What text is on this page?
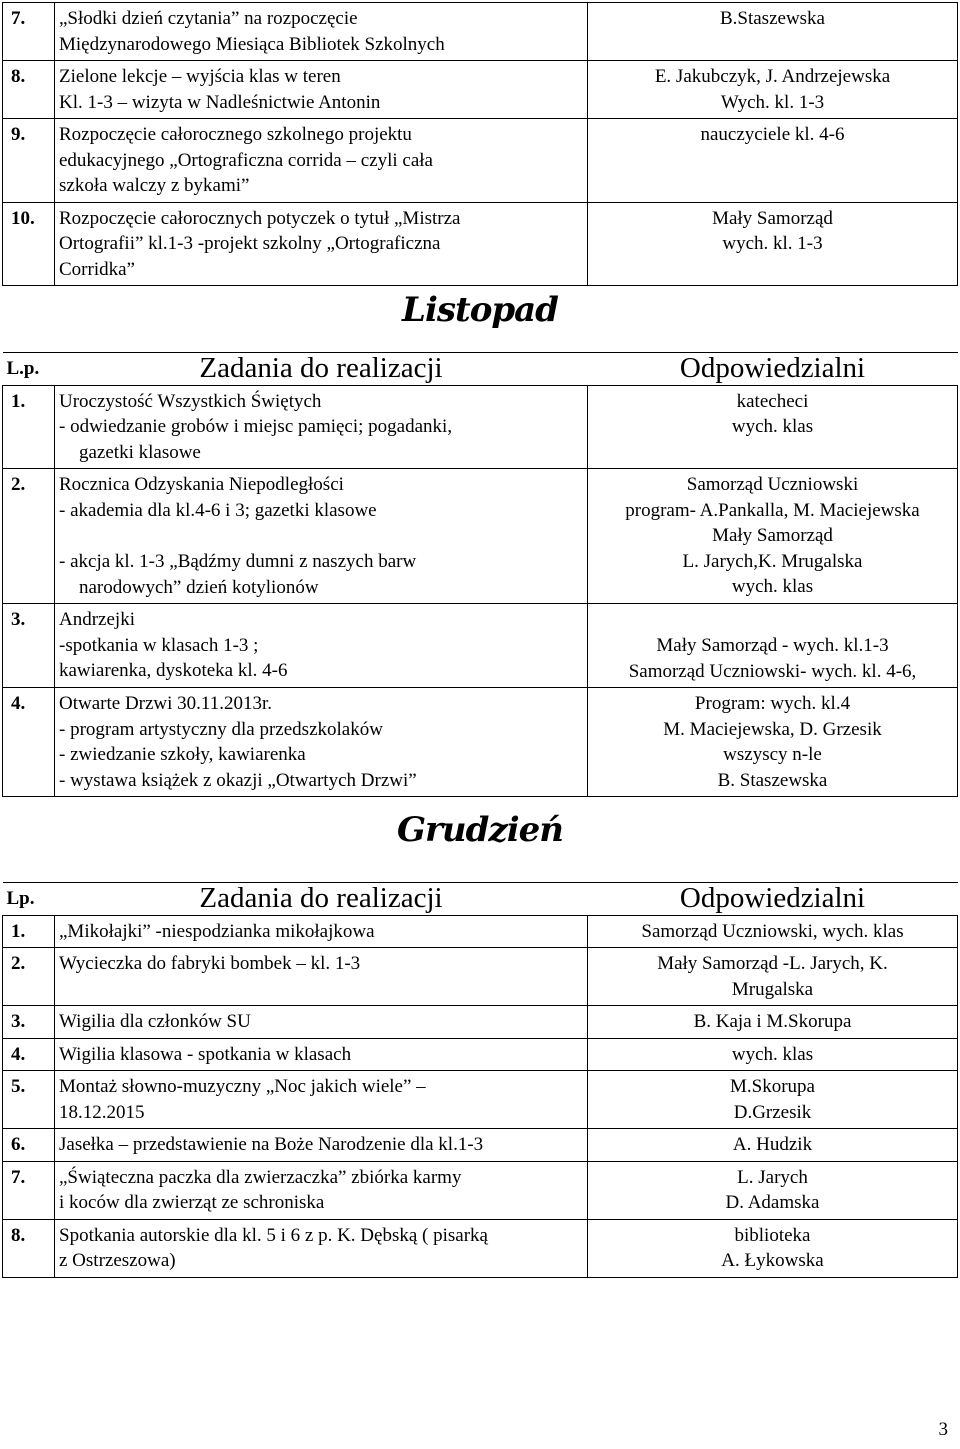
7.	„Słodki dzień czytania” na rozpoczęcie
Międzynarodowego Miesiąca Bibliotek Szkolnych	B.Staszewska

8.	Zielone lekcje – wyjścia klas w teren
Kl. 1-3 – wizyta w Nadleśnictwie Antonin	E. Jakubczyk, J. Andrzejewska
Wych. kl. 1-3

9.	Rozpoczęcie całorocznego szkolnego projektu
edukacyjnego „Ortograficzna corrida – czyli cała
szkoła walczy z bykami”	nauczyciele kl. 4-6

10.	Rozpoczęcie całorocznych potyczek o tytuł „Mistrza
Ortografii” kl.1-3 -projekt szkolny „Ortograficzna
Corridka”	Mały Samorząd
wych. kl. 1-3
Listopad
L.p.	Zadania do realizacji	Odpowiedzialni
1.	Uroczystość Wszystkich Świętych
- odwiedzanie grobów i miejsc pamięci; pogadanki,
gazetki klasowe	katecheci
wych. klas

2.	Rocznica Odzyskania Niepodległości
- akademia dla kl.4-6 i 3; gazetki klasowe
- akcja kl. 1-3 „Bądźmy dumni z naszych barw
narodowych” dzień kotylionów	Samorząd Uczniowski
program- A.Pankalla, M. Maciejewska
Mały Samorząd
L. Jarych,K. Mrugalska
wych. klas

3.	Andrzejki
-spotkania w klasach 1-3 ;
kawiarenka, dyskoteka kl. 4-6	Mały Samorząd - wych. kl.1-3
Samorząd Uczniowski- wych. kl. 4-6,

4.	Otwarte Drzwi 30.11.2013r.
- program artystyczny dla przedszkolaków
- zwiedzanie szkoły, kawiarenka
- wystawa książek z okazji „Otwartych Drzwi”	Program: wych. kl.4
M. Maciejewska, D. Grzesik
wszyscy n-le
B. Staszewska
Grudzień
Lp.	Zadania do realizacji	Odpowiedzialni
1.	„Mikołajki” -niespodzianka mikołajkowa	Samorząd Uczniowski, wych. klas

2.	Wycieczka do fabryki bombek – kl. 1-3	Mały Samorząd -L. Jarych, K.
Mrugalska

3.	Wigilia dla członków SU	B. Kaja i M.Skorupa

4.	Wigilia klasowa - spotkania w klasach	wych. klas

5.	Montaż słowno-muzyczny „Noc jakich wiele” –
18.12.2015	M.Skorupa
D.Grzesik

6.	Jasełka – przedstawienie na Boże Narodzenie dla kl.1-3	A. Hudzik

7.	„Świąteczna paczka dla zwierzaczka” zbiórka karmy
i koców dla zwierząt ze schroniska	L. Jarych
D. Adamska

8.	Spotkania autorskie dla kl. 5 i 6 z p. K. Dębską ( pisarką
z Ostrzeszowa)	biblioteka
A. Łykowska
3
